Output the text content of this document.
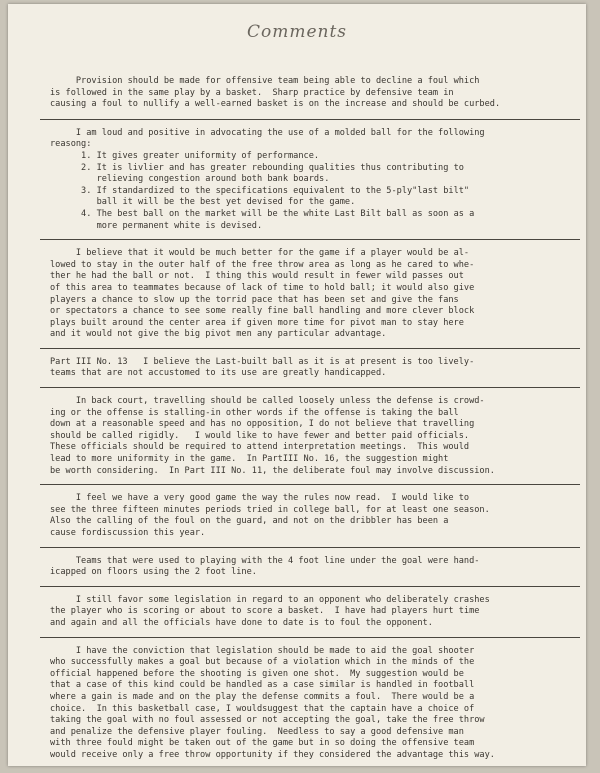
Comments

Provision should be made for offensive team being able to decline a foul which
is followed in the same play by a basket.  Sharp practice by defensive team in
causing a foul to nullify a well-earned basket is on the increase and should be curbed.

I am loud and positive in advocating the use of a molded ball for the following
reasong:
1. It gives greater uniformity of performance.
2. It is livlier and has greater rebounding qualities thus contributing to
relieving congestion around both bank boards.
3. If standardized to the specifications equivalent to the 5-ply"last bilt"
ball it will be the best yet devised for the game.
4. The best ball on the market will be the white Last Bilt ball as soon as a
more permanent white is devised.

I believe that it would be much better for the game if a player would be al-
lowed to stay in the outer half of the free throw area as long as he cared to whe-
ther he had the ball or not.  I thing this would result in fewer wild passes out
of this area to teammates because of lack of time to hold ball; it would also give
players a chance to slow up the torrid pace that has been set and give the fans
or spectators a chance to see some really fine ball handling and more clever block
plays built around the center area if given more time for pivot man to stay here
and it would not give the big pivot men any particular advantage.

Part III No. 13   I believe the Last-built ball as it is at present is too lively-
teams that are not accustomed to its use are greatly handicapped.

In back court, travelling should be called loosely unless the defense is crowd-
ing or the offense is stalling-in other words if the offense is taking the ball
down at a reasonable speed and has no opposition, I do not believe that travelling
should be called rigidly.   I would like to have fewer and better paid officials.
These officials should be required to attend interpretation meetings.  This would
lead to more uniformity in the game.  In PartIII No. 16, the suggestion might
be worth considering.  In Part III No. 11, the deliberate foul may involve discussion.

I feel we have a very good game the way the rules now read.  I would like to
see the three fifteen minutes periods tried in college ball, for at least one season.
Also the calling of the foul on the guard, and not on the dribbler has been a
cause fordiscussion this year.

Teams that were used to playing with the 4 foot line under the goal were hand-
icapped on floors using the 2 foot line.

I still favor some legislation in regard to an opponent who deliberately crashes
the player who is scoring or about to score a basket.  I have had players hurt time
and again and all the officials have done to date is to foul the opponent.

I have the conviction that legislation should be made to aid the goal shooter
who successfully makes a goal but because of a violation which in the minds of the
official happened before the shooting is given one shot.  My suggestion would be
that a case of this kind could be handled as a case similar is handled in football
where a gain is made and on the play the defense commits a foul.  There would be a
choice.  In this basketball case, I wouldsuggest that the captain have a choice of
taking the goal with no foul assessed or not accepting the goal, take the free throw
and penalize the defensive player fouling.  Needless to say a good defensive man
with three fould might be taken out of the game but in so doing the offensive team
would receive only a free throw opportunity if they considered the advantage this way.
